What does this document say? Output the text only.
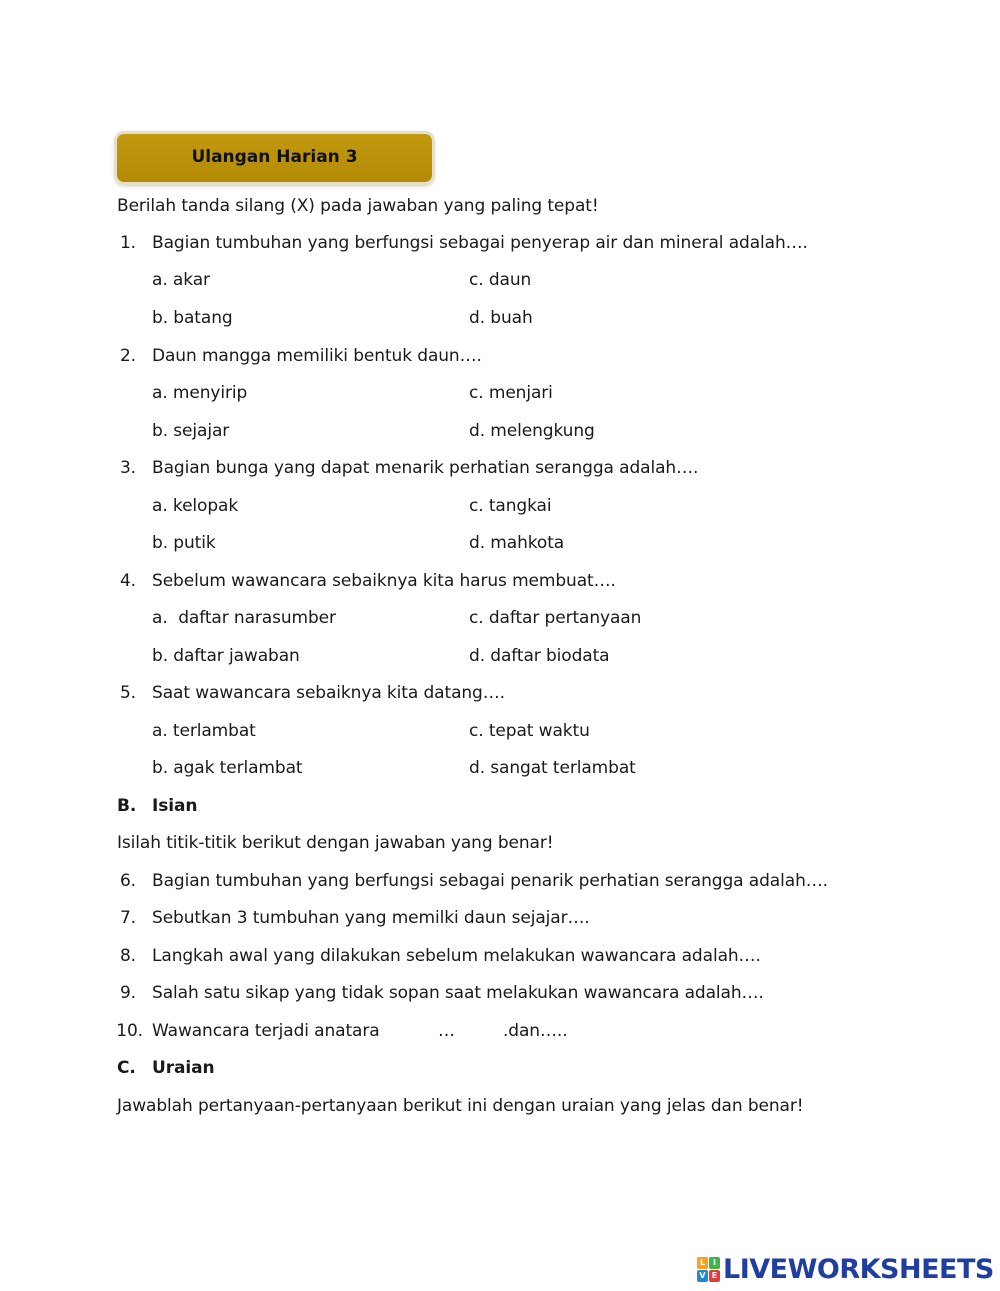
Ulangan Harian 3
Berilah tanda silang (X) pada jawaban yang paling tepat!
1. Bagian tumbuhan yang berfungsi sebagai penyerap air dan mineral adalah….
a. akar	c. daun
b. batang	d. buah
2. Daun mangga memiliki bentuk daun….
a. menyirip	c. menjari
b. sejajar	d. melengkung
3. Bagian bunga yang dapat menarik perhatian serangga adalah….
a. kelopak	c. tangkai
b. putik	d. mahkota
4. Sebelum wawancara sebaiknya kita harus membuat….
a.  daftar narasumber	c. daftar pertanyaan
b. daftar jawaban	d. daftar biodata
5. Saat wawancara sebaiknya kita datang….
a. terlambat	c. tepat waktu
b. agak terlambat	d. sangat terlambat
B. Isian
Isilah titik-titik berikut dengan jawaban yang benar!
6. Bagian tumbuhan yang berfungsi sebagai penarik perhatian serangga adalah….
7. Sebutkan 3 tumbuhan yang memilki daun sejajar….
8. Langkah awal yang dilakukan sebelum melakukan wawancara adalah….
9. Salah satu sikap yang tidak sopan saat melakukan wawancara adalah….
10. Wawancara terjadi anatara	…	.dan…..
C. Uraian
Jawablah pertanyaan-pertanyaan berikut ini dengan uraian yang jelas dan benar!
L I
V E LIVEWORKSHEETS
